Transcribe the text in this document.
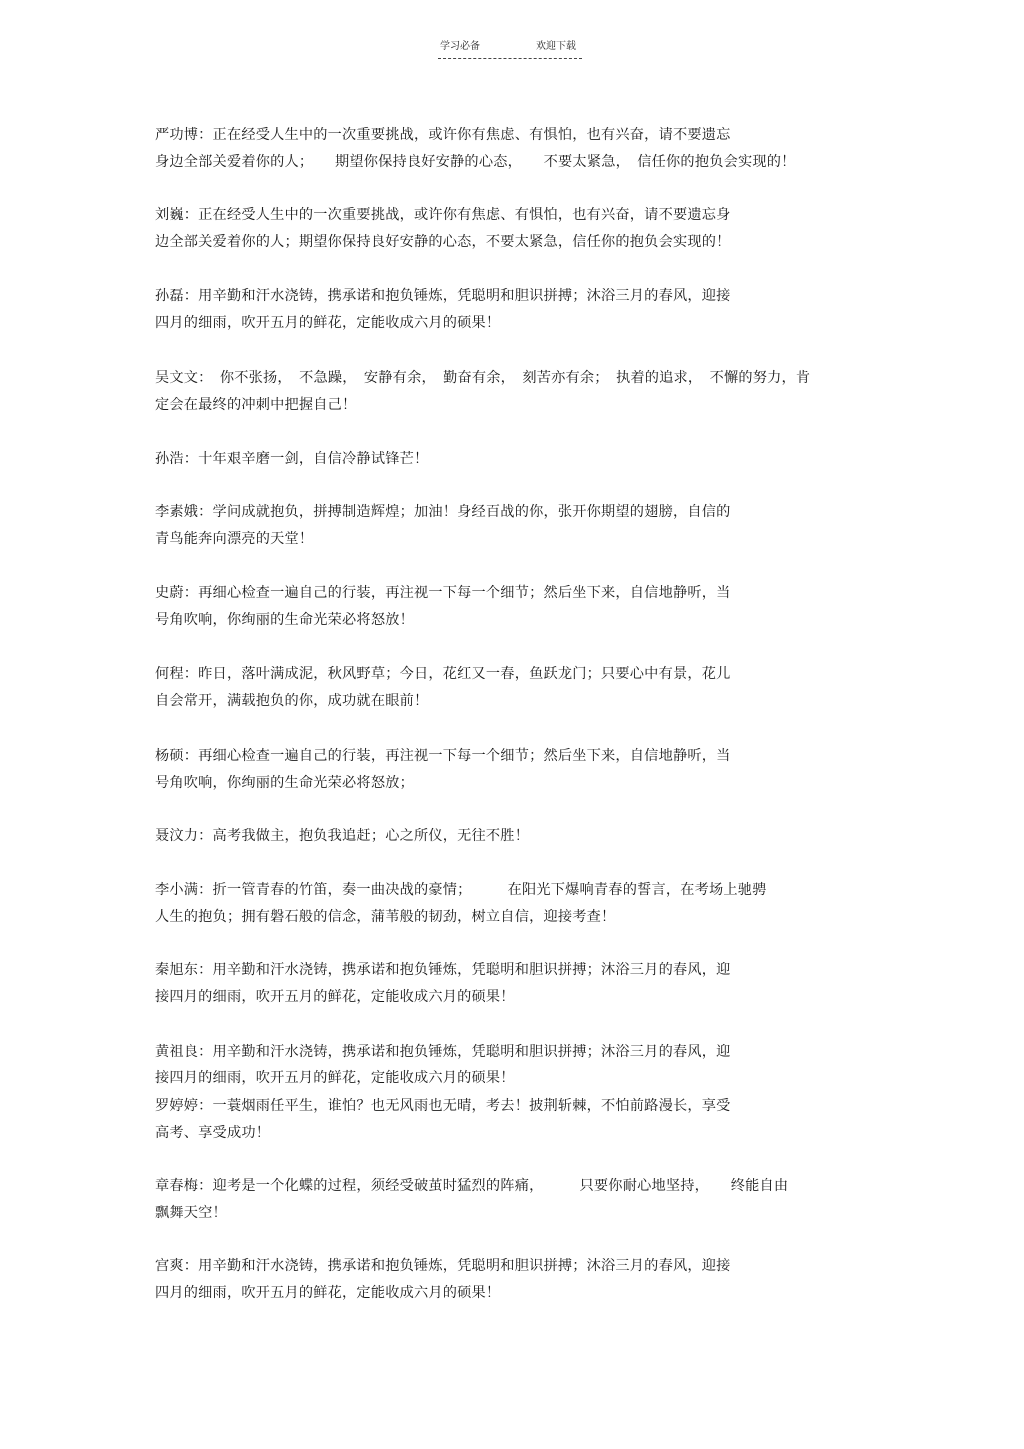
学习必备	欢迎下载
严功博：正在经受人生中的一次重要挑战，或许你有焦虑、有惧怕，也有兴奋，请不要遗忘
身边全部关爱着你的人；　　期望你保持良好安静的心态，　　不要太紧急，　信任你的抱负会实现的！
刘巍：正在经受人生中的一次重要挑战，或许你有焦虑、有惧怕，也有兴奋，请不要遗忘身
边全部关爱着你的人；期望你保持良好安静的心态，不要太紧急，信任你的抱负会实现的！
孙磊：用辛勤和汗水浇铸，携承诺和抱负锤炼，凭聪明和胆识拼搏；沐浴三月的春风，迎接
四月的细雨，吹开五月的鲜花，定能收成六月的硕果！
吴文文：　你不张扬，　不急躁，　安静有余，　勤奋有余，　刻苦亦有余；　执着的追求，　不懈的努力，肯
定会在最终的冲刺中把握自己！
孙浩：十年艰辛磨一剑，自信冷静试锋芒！
李素娥：学问成就抱负，拼搏制造辉煌；加油！身经百战的你，张开你期望的翅膀，自信的
青鸟能奔向漂亮的天堂！
史蔚：再细心检查一遍自己的行装，再注视一下每一个细节；然后坐下来，自信地静听，当
号角吹响，你绚丽的生命光荣必将怒放！
何程：昨日，落叶满成泥，秋风野草；今日，花红又一春，鱼跃龙门；只要心中有景，花儿
自会常开，满载抱负的你，成功就在眼前！
杨硕：再细心检查一遍自己的行装，再注视一下每一个细节；然后坐下来，自信地静听，当
号角吹响，你绚丽的生命光荣必将怒放；
聂汶力：高考我做主，抱负我追赶；心之所仪，无往不胜！
李小满：折一管青春的竹笛，奏一曲决战的豪情；　　　在阳光下爆响青春的誓言，在考场上驰骋
人生的抱负；拥有磐石般的信念，蒲苇般的韧劲，树立自信，迎接考查！
秦旭东：用辛勤和汗水浇铸，携承诺和抱负锤炼，凭聪明和胆识拼搏；沐浴三月的春风，迎
接四月的细雨，吹开五月的鲜花，定能收成六月的硕果！
黄祖良：用辛勤和汗水浇铸，携承诺和抱负锤炼，凭聪明和胆识拼搏；沐浴三月的春风，迎
接四月的细雨，吹开五月的鲜花，定能收成六月的硕果！
罗婷婷：一蓑烟雨任平生，谁怕？也无风雨也无晴，考去！披荆斩棘，不怕前路漫长，享受
高考、享受成功！
章春梅：迎考是一个化蝶的过程，须经受破茧时猛烈的阵痛，　　　只要你耐心地坚持，　　终能自由
飘舞天空！
宫爽：用辛勤和汗水浇铸，携承诺和抱负锤炼，凭聪明和胆识拼搏；沐浴三月的春风，迎接
四月的细雨，吹开五月的鲜花，定能收成六月的硕果！
